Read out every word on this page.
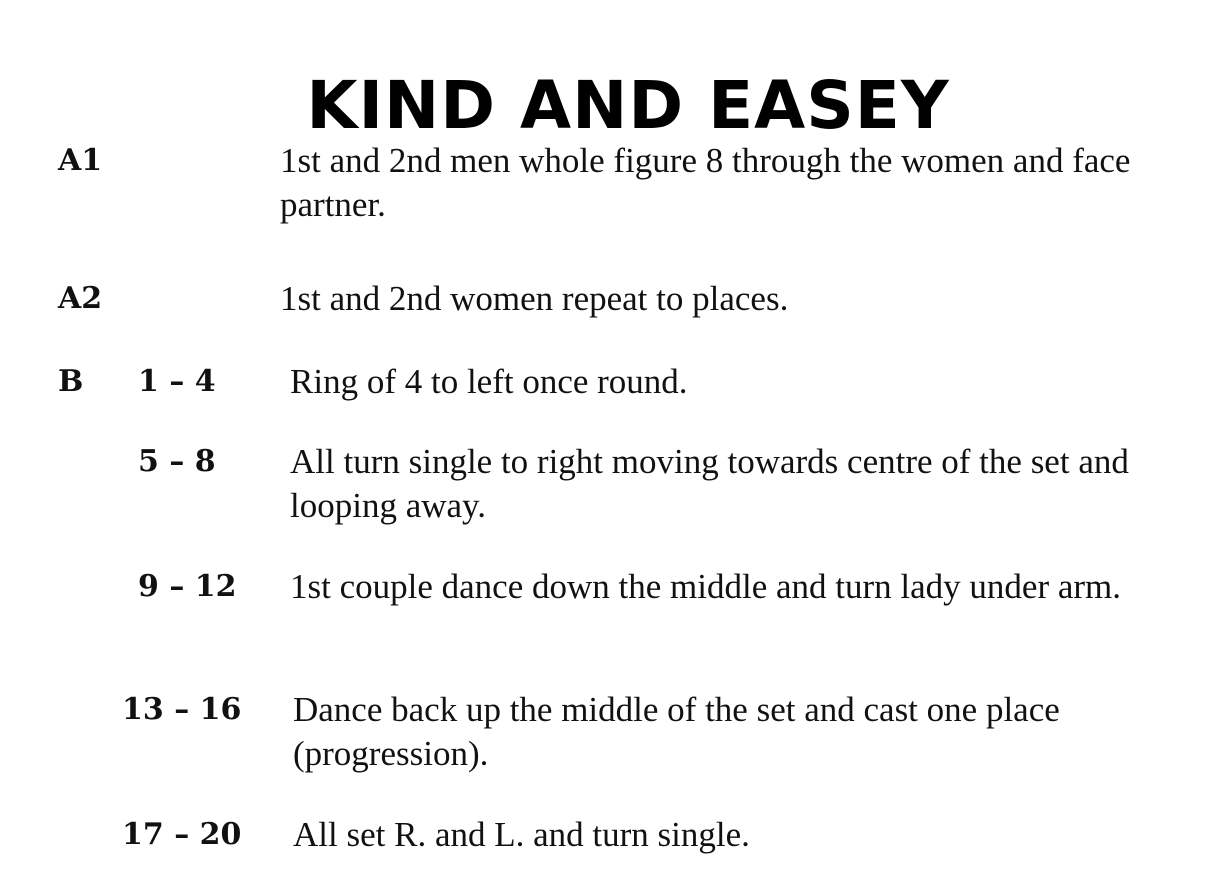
KIND AND EASEY
A1	1st and 2nd men whole figure 8 through the women and face partner.
A2	1st and 2nd women repeat to places.
B 1 – 4 Ring of 4 to left once round.
5 – 8 All turn single to right moving towards centre of the set and looping away.
9 – 12 1st couple dance down the middle and turn lady under arm.
13 – 16 Dance back up the middle of the set and cast one place (progression).
17 – 20 All set R. and L. and turn single.
